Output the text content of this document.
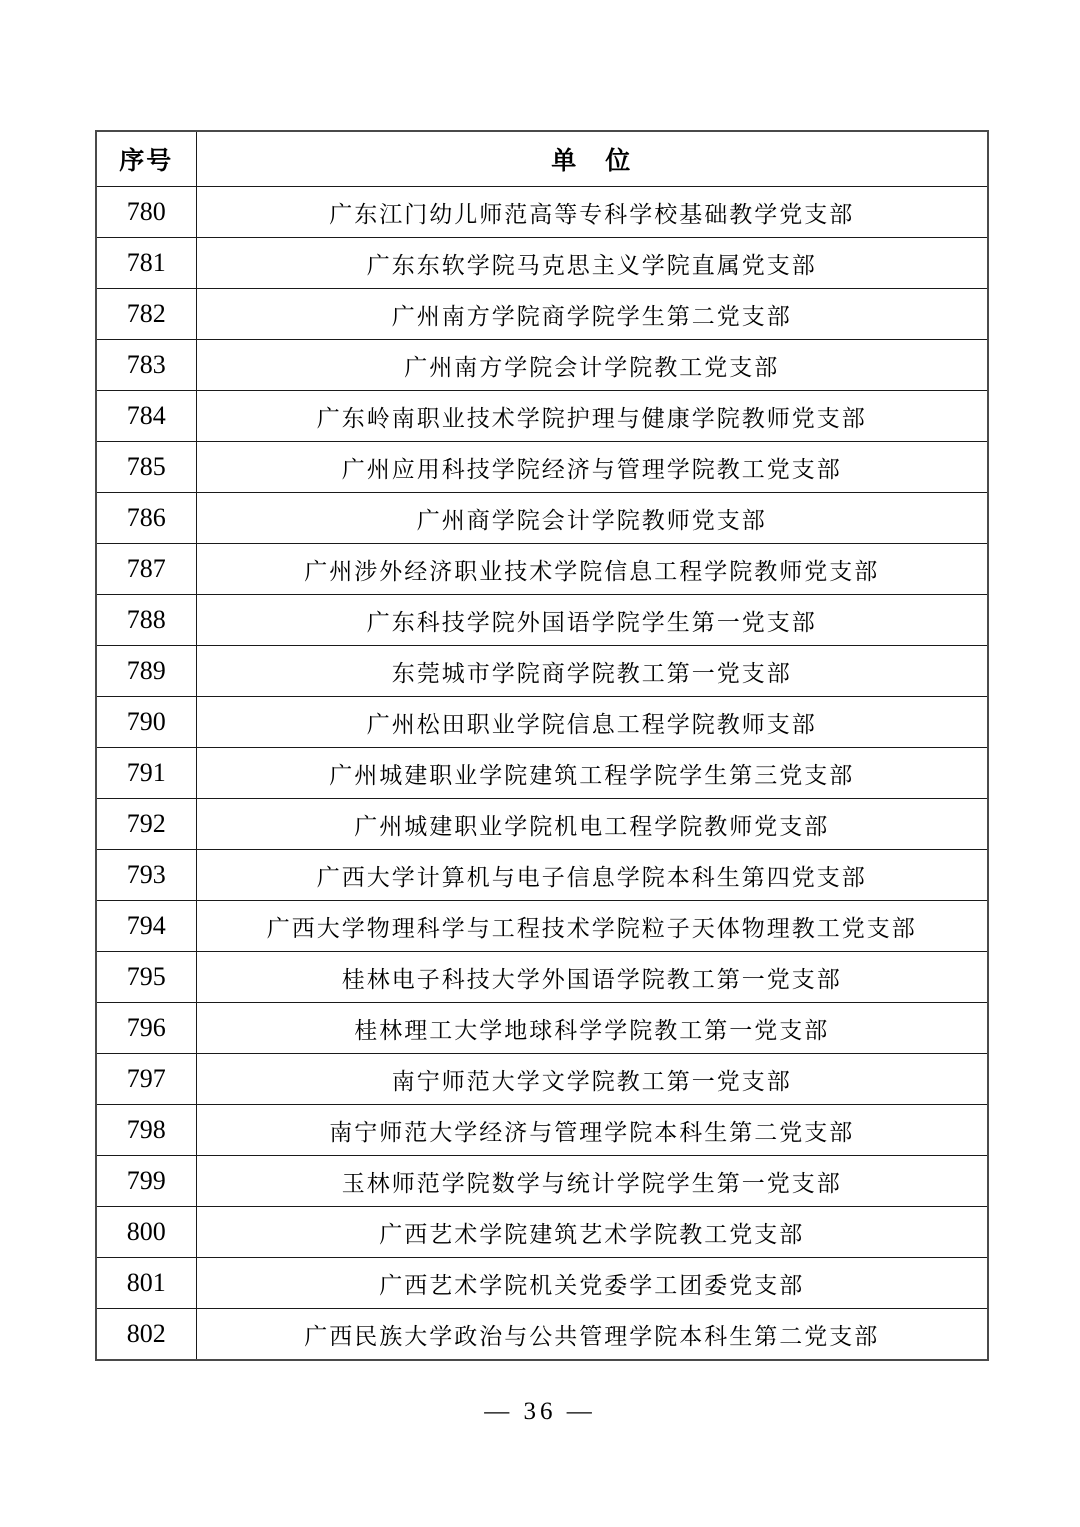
序号	单　位
780	广东江门幼儿师范高等专科学校基础教学党支部
781	广东东软学院马克思主义学院直属党支部
782	广州南方学院商学院学生第二党支部
783	广州南方学院会计学院教工党支部
784	广东岭南职业技术学院护理与健康学院教师党支部
785	广州应用科技学院经济与管理学院教工党支部
786	广州商学院会计学院教师党支部
787	广州涉外经济职业技术学院信息工程学院教师党支部
788	广东科技学院外国语学院学生第一党支部
789	东莞城市学院商学院教工第一党支部
790	广州松田职业学院信息工程学院教师支部
791	广州城建职业学院建筑工程学院学生第三党支部
792	广州城建职业学院机电工程学院教师党支部
793	广西大学计算机与电子信息学院本科生第四党支部
794	广西大学物理科学与工程技术学院粒子天体物理教工党支部
795	桂林电子科技大学外国语学院教工第一党支部
796	桂林理工大学地球科学学院教工第一党支部
797	南宁师范大学文学院教工第一党支部
798	南宁师范大学经济与管理学院本科生第二党支部
799	玉林师范学院数学与统计学院学生第一党支部
800	广西艺术学院建筑艺术学院教工党支部
801	广西艺术学院机关党委学工团委党支部
802	广西民族大学政治与公共管理学院本科生第二党支部
— 36 —
